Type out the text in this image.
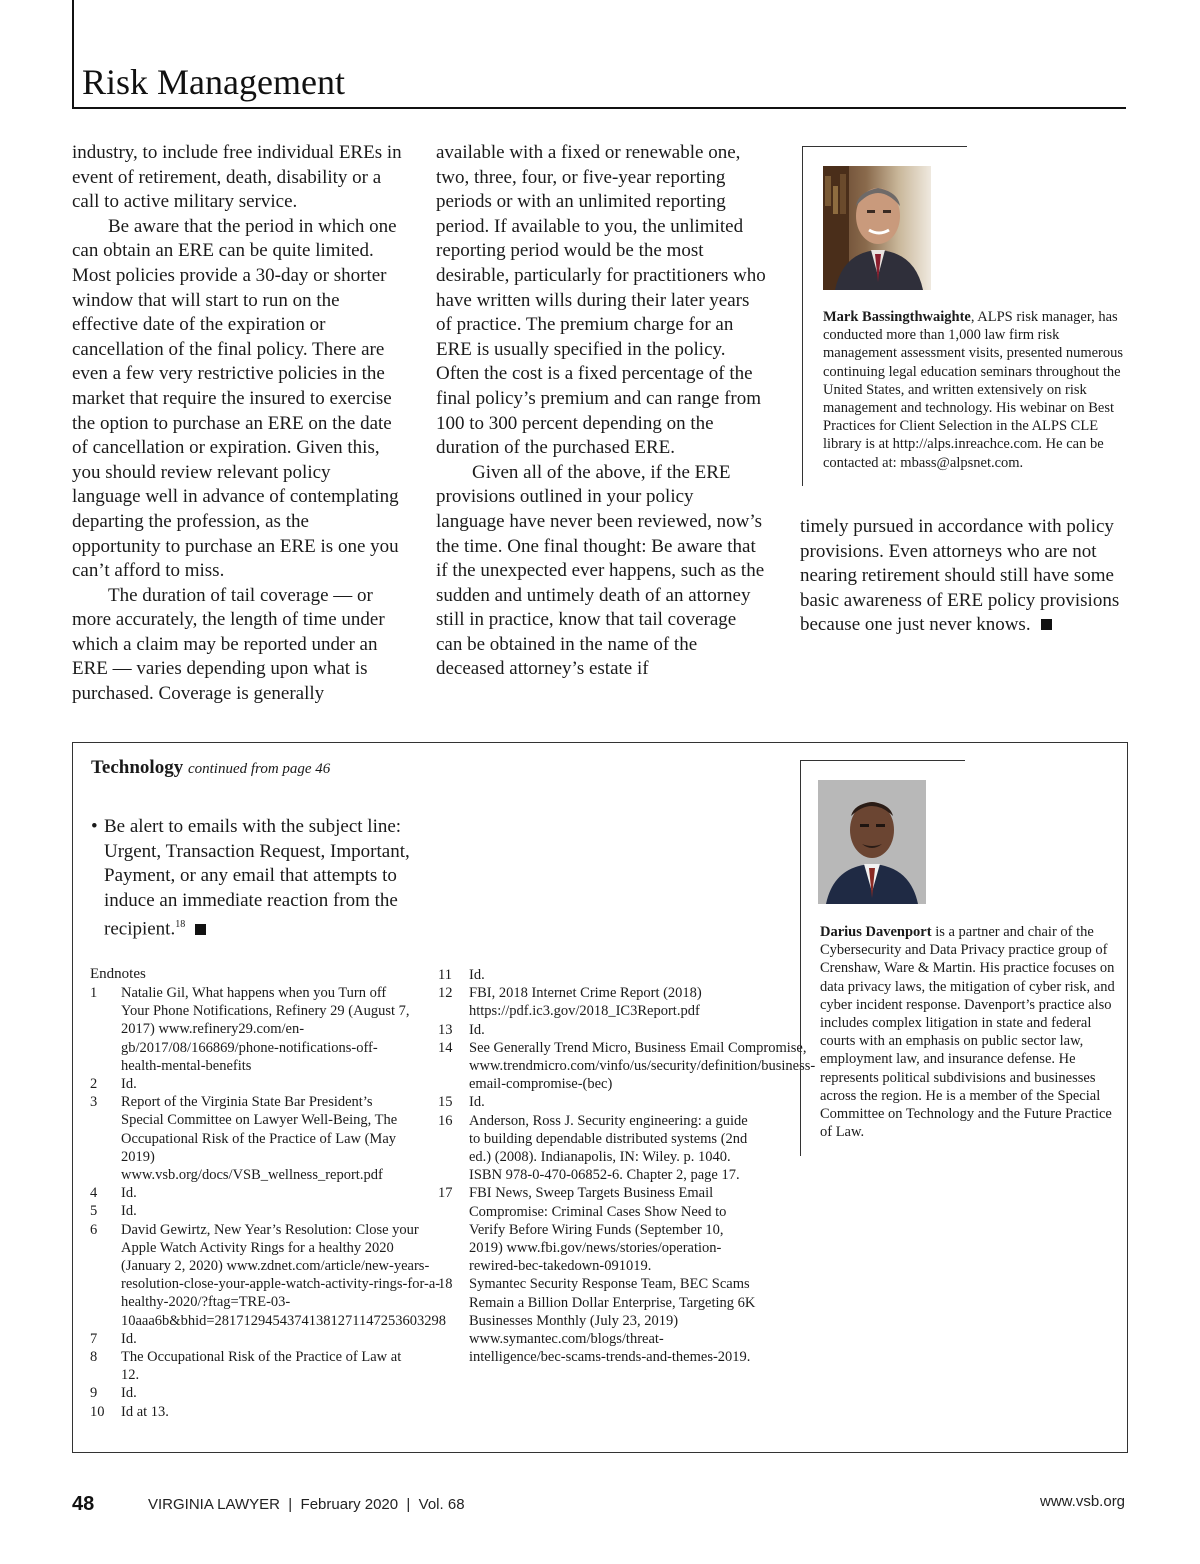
Risk Management

industry, to include free individual EREs in event of retirement, death, disability or a call to active military service.

Be aware that the period in which one can obtain an ERE can be quite limited. Most policies provide a 30-day or shorter window that will start to run on the effective date of the expiration or cancellation of the final policy. There are even a few very restrictive policies in the market that require the insured to exercise the option to purchase an ERE on the date of cancellation or expiration. Given this, you should review relevant policy language well in advance of contemplating departing the profession, as the opportunity to purchase an ERE is one you can’t afford to miss.

The duration of tail coverage — or more accurately, the length of time under which a claim may be reported under an ERE — varies depending upon what is purchased. Coverage is generally

available with a fixed or renewable one, two, three, four, or five-year reporting periods or with an unlimited reporting period. If available to you, the unlimited reporting period would be the most desirable, particularly for practitioners who have written wills during their later years of practice. The premium charge for an ERE is usually specified in the policy. Often the cost is a fixed percentage of the final policy’s premium and can range from 100 to 300 percent depending on the duration of the purchased ERE.

Given all of the above, if the ERE provisions outlined in your policy language have never been reviewed, now’s the time. One final thought: Be aware that if the unexpected ever happens, such as the sudden and untimely death of an attorney still in practice, know that tail coverage can be obtained in the name of the deceased attorney’s estate if

Mark Bassingthwaighte, ALPS risk manager, has conducted more than 1,000 law firm risk management assessment visits, presented numerous continuing legal education seminars throughout the United States, and written extensively on risk management and technology. His webinar on Best Practices for Client Selection in the ALPS CLE library is at http://alps.inreachce.com. He can be contacted at: mbass@alpsnet.com.

timely pursued in accordance with policy provisions. Even attorneys who are not nearing retirement should still have some basic awareness of ERE policy provisions because one just never knows.

Technology continued from page 46
• Be alert to emails with the subject line: Urgent, Transaction Request, Important, Payment, or any email that attempts to induce an immediate reaction from the recipient.$^{18}$
Endnotes
1	Natalie Gil, What happens when you Turn off Your Phone Notifications, Refinery 29 (August 7, 2017) www.refinery29.com/en-gb/2017/08/166869/phone-notifications-off-health-mental-benefits
2	Id.
3	Report of the Virginia State Bar President’s Special Committee on Lawyer Well-Being, The Occupational Risk of the Practice of Law (May 2019) www.vsb.org/docs/VSB_wellness_report.pdf
4	Id.
5	Id.
6	David Gewirtz, New Year’s Resolution: Close your Apple Watch Activity Rings for a healthy 2020 (January 2, 2020) www.zdnet.com/article/new-years-resolution-close-your-apple-watch-activity-rings-for-a-healthy-2020/?ftag=TRE-03-10aaa6b&bhid=28171294543741381271147253603298
7	Id.
8	The Occupational Risk of the Practice of Law at 12.
9	Id.
10	Id at 13.
11	Id.
12	FBI, 2018 Internet Crime Report (2018) https://pdf.ic3.gov/2018_IC3Report.pdf
13	Id.
14	See Generally Trend Micro, Business Email Compromise, www.trendmicro.com/vinfo/us/security/definition/business-email-compromise-(bec)
15	Id.
16	Anderson, Ross J. Security engineering: a guide to building dependable distributed systems (2nd ed.) (2008). Indianapolis, IN: Wiley. p. 1040. ISBN 978-0-470-06852-6. Chapter 2, page 17.
17	FBI News, Sweep Targets Business Email Compromise: Criminal Cases Show Need to Verify Before Wiring Funds (September 10, 2019) www.fbi.gov/news/stories/operation-rewired-bec-takedown-091019.
18	Symantec Security Response Team, BEC Scams Remain a Billion Dollar Enterprise, Targeting 6K Businesses Monthly (July 23, 2019) www.symantec.com/blogs/threat-intelligence/bec-scams-trends-and-themes-2019.
Darius Davenport is a partner and chair of the Cybersecurity and Data Privacy practice group of Crenshaw, Ware & Martin. His practice focuses on data privacy laws, the mitigation of cyber risk, and cyber incident response. Davenport’s practice also includes complex litigation in state and federal courts with an emphasis on public sector law, employment law, and insurance defense. He represents political subdivisions and businesses across the region. He is a member of the Special Committee on Technology and the Future Practice of Law.
48	VIRGINIA LAWYER  |  February 2020  |  Vol. 68	www.vsb.org
